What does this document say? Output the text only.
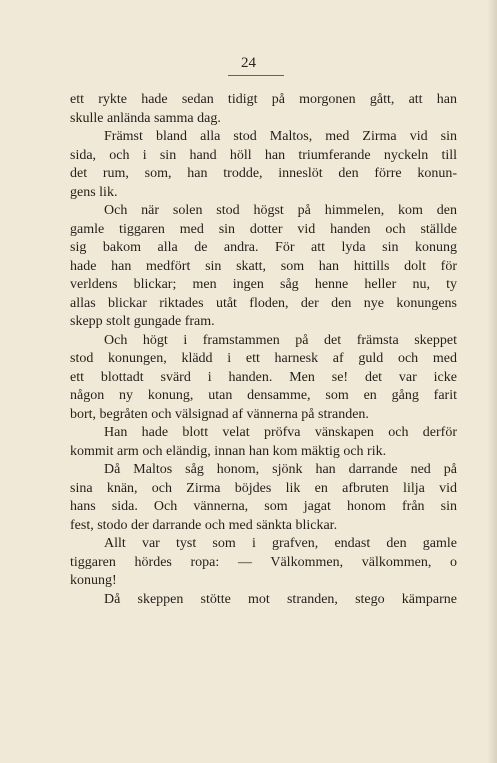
24
ett rykte hade sedan tidigt på morgonen gått, att han
skulle anlända samma dag.
Främst bland alla stod Maltos, med Zirma vid sin
sida, och i sin hand höll han triumferande nyckeln till
det rum, som, han trodde, inneslöt den förre konun-
gens lik.
Och när solen stod högst på himmelen, kom den
gamle tiggaren med sin dotter vid handen och ställde
sig bakom alla de andra. För att lyda sin konung
hade han medfört sin skatt, som han hittills dolt för
verldens blickar; men ingen såg henne heller nu, ty
allas blickar riktades utåt floden, der den nye konungens
skepp stolt gungade fram.
Och högt i framstammen på det främsta skeppet
stod konungen, klädd i ett harnesk af guld och med
ett blottadt svärd i handen. Men se! det var icke
någon ny konung, utan densamme, som en gång farit
bort, begråten och välsignad af vännerna på stranden.
Han hade blott velat pröfva vänskapen och derför
kommit arm och eländig, innan han kom mäktig och rik.
Då Maltos såg honom, sjönk han darrande ned på
sina knän, och Zirma böjdes lik en afbruten lilja vid
hans sida. Och vännerna, som jagat honom från sin
fest, stodo der darrande och med sänkta blickar.
Allt var tyst som i grafven, endast den gamle
tiggaren hördes ropa: — Välkommen, välkommen, o
konung!
Då skeppen stötte mot stranden, stego kämparne
